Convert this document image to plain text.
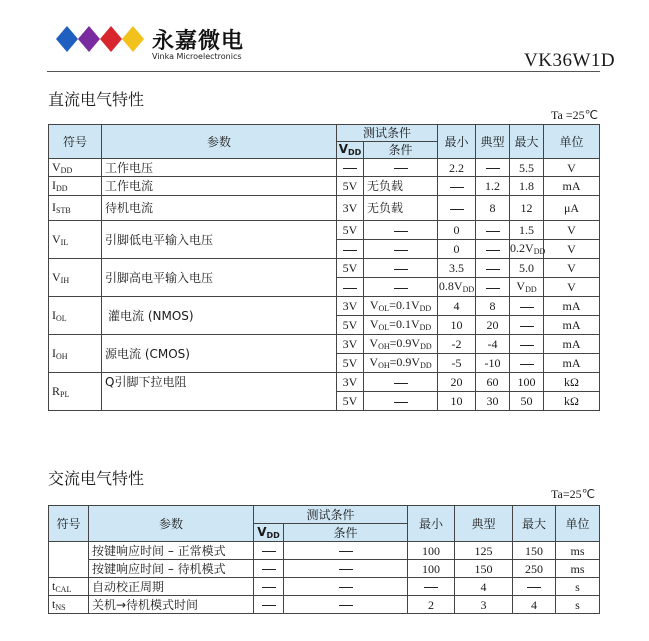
永嘉微电
Vinka Microelectronics	VK36W1D
直流电气特性
Ta =25℃
符号	参数	测试条件		最小	典型	最大	单位
		$V_{DD}$	条件				
$V_{DD}$	工作电压			2.2		5.5	V
$I_{DD}$	工作电流	5V	无负载		1.2	1.8	mA
$I_{STB}$	待机电流	3V	无负载		8	12	μA
$V_{IL}$	引脚低电平输入电压	5V		0		1.5	V
				0		$0.2V_{DD}$	V
$V_{IH}$	引脚高电平输入电压	5V		3.5		5.0	V
				$0.8V_{DD}$		$V_{DD}$	V
$I_{OL}$	灌电流 (NMOS)	3V	$V_{OL}=0.1V_{DD}$	4	8		mA
		5V	$V_{OL}=0.1V_{DD}$	10	20		mA
$I_{OH}$	源电流 (CMOS)	3V	$V_{OH}=0.9V_{DD}$	-2	-4		mA
		5V	$V_{OH}=0.9V_{DD}$	-5	-10		mA
$R_{PL}$	Q引脚下拉电阻	3V		20	60	100	kΩ
		5V		10	30	50	kΩ
交流电气特性
Ta=25℃
符号	参数	测试条件		最小	典型	最大	单位
		$V_{DD}$	条件				
	按键响应时间 – 正常模式			100	125	150	ms
	按键响应时间 – 待机模式			100	150	250	ms
$t_{CAL}$	自动校正周期				4		s
$t_{NS}$	关机→待机模式时间			2	3	4	s
